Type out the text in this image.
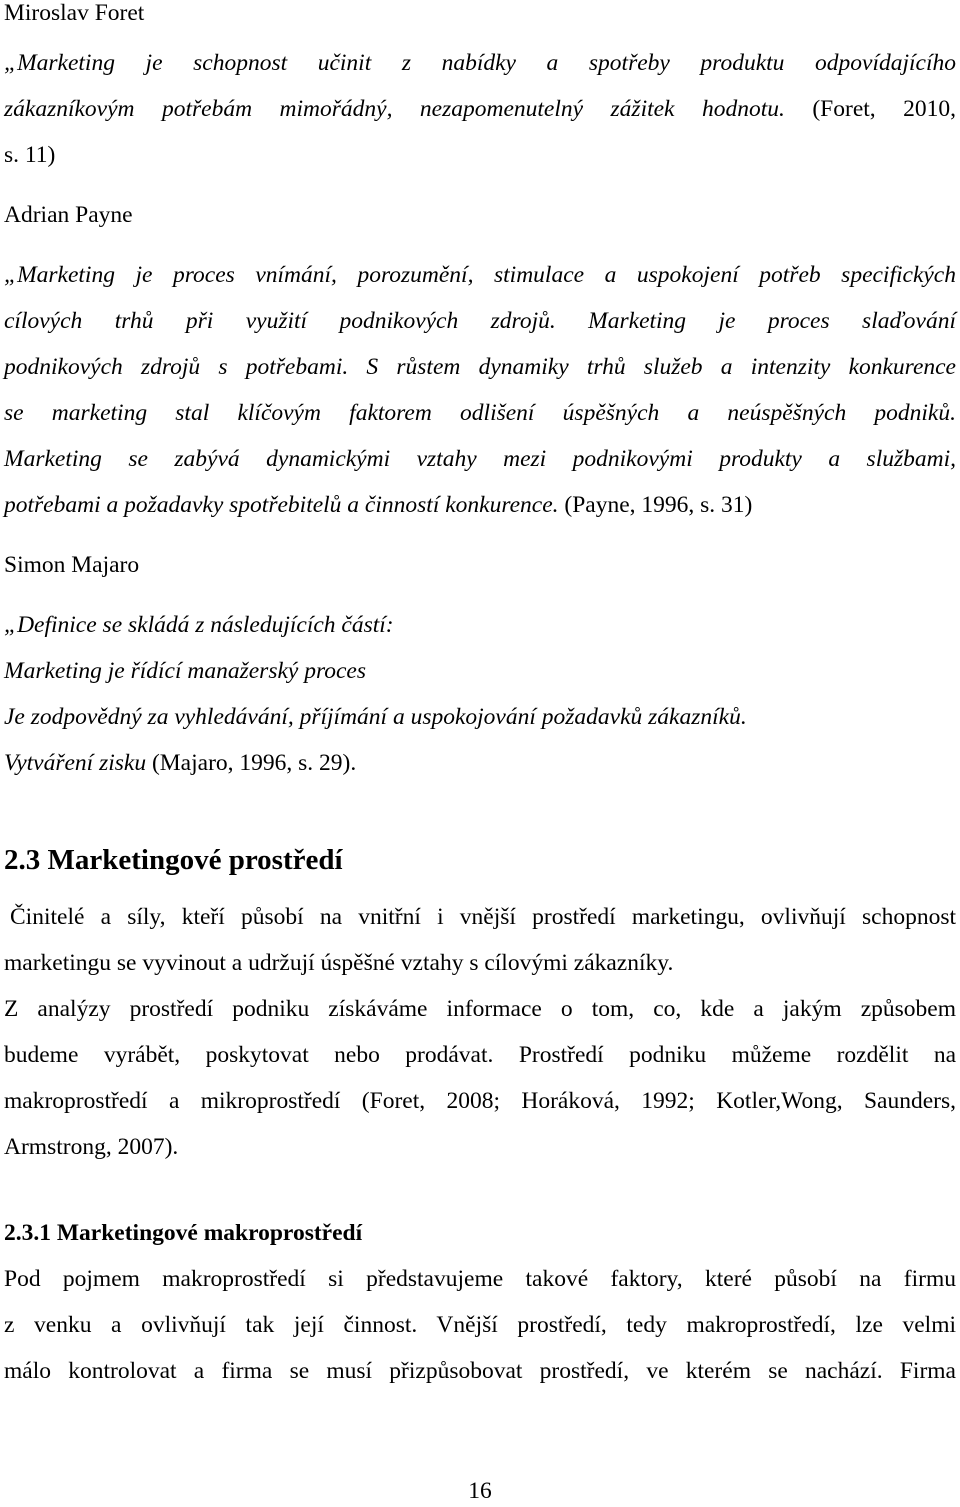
Miroslav Foret

„Marketing je schopnost učinit z nabídky a spotřeby produktu odpovídajícího

zákazníkovým potřebám mimořádný, nezapomenutelný zážitek hodnotu. (Foret, 2010,

s. 11)

Adrian Payne

„Marketing je proces vnímání, porozumění, stimulace a uspokojení potřeb specifických

cílových trhů při využití podnikových zdrojů. Marketing je proces slaďování

podnikových zdrojů s potřebami. S růstem dynamiky trhů služeb a intenzity konkurence

se marketing stal klíčovým faktorem odlišení úspěšných a neúspěšných podniků.

Marketing se zabývá dynamickými vztahy mezi podnikovými produkty a službami,

potřebami a požadavky spotřebitelů a činností konkurence. (Payne, 1996, s. 31)

Simon Majaro

„Definice se skládá z následujících částí:

Marketing je řídící manažerský proces

Je zodpovědný za vyhledávání, příjímání a uspokojování požadavků zákazníků.

Vytváření zisku (Majaro, 1996, s. 29).

2.3 Marketingové prostředí

Činitelé a síly, kteří působí na vnitřní i vnější prostředí marketingu, ovlivňují schopnost

marketingu se vyvinout a udržují úspěšné vztahy s cílovými zákazníky.

Z analýzy prostředí podniku získáváme informace o tom, co, kde a jakým způsobem

budeme vyrábět, poskytovat nebo prodávat. Prostředí podniku můžeme rozdělit na

makroprostředí a mikroprostředí (Foret, 2008; Horáková, 1992; Kotler,Wong, Saunders,

Armstrong, 2007).

2.3.1 Marketingové makroprostředí

Pod pojmem makroprostředí si představujeme takové faktory, které působí na firmu

z venku a ovlivňují tak její činnost. Vnější prostředí, tedy makroprostředí, lze velmi

málo kontrolovat a firma se musí přizpůsobovat prostředí, ve kterém se nachází. Firma

16
